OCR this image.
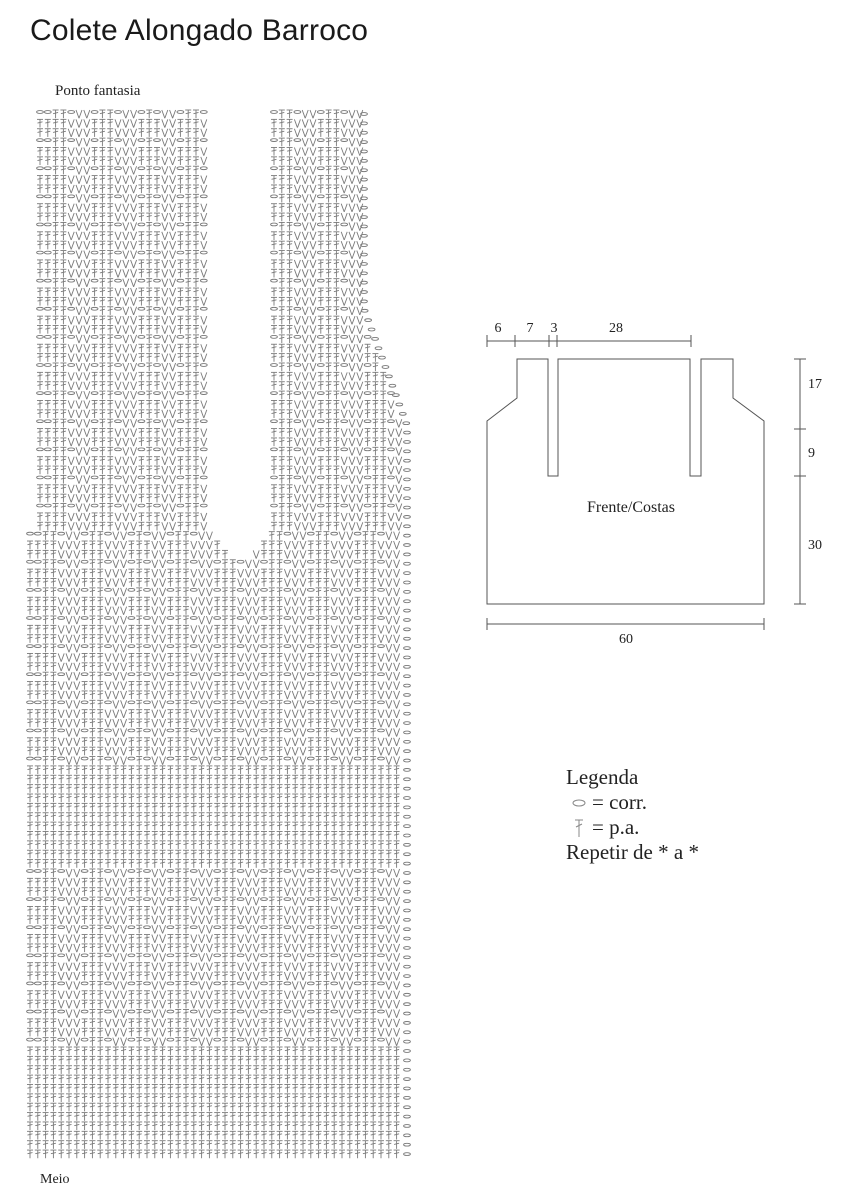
Colete Alongado Barroco
Ponto fantasia
Meio
6 7 3	28
17
9
30
60
Frente/Costas
Legenda
= corr.
= p.a.
Repetir de * a *
